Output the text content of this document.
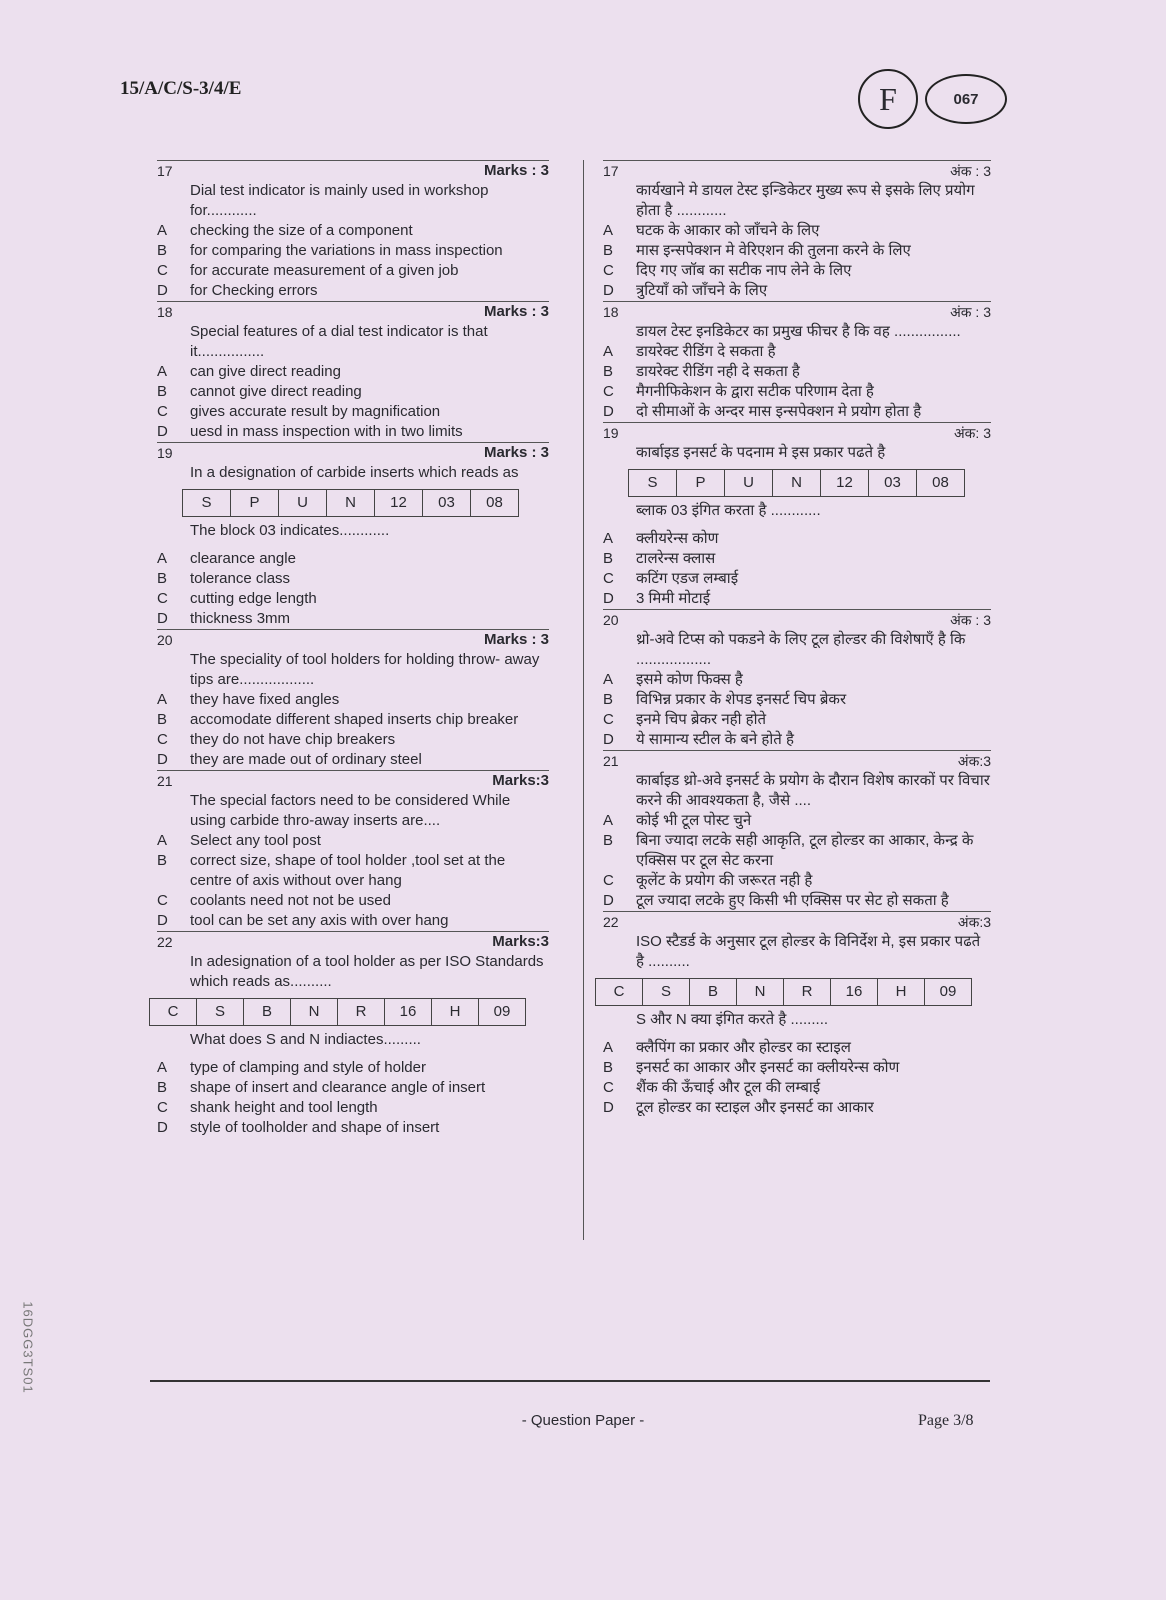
15/A/C/S-3/4/E	F	067
17	Marks : 3
Dial test indicator is mainly used in workshop for............
A	checking the size of a component
B	for comparing the variations in mass inspection
C	for accurate measurement of a given job
D	for Checking errors
18	Marks : 3
Special features of a dial test indicator is that it................
A	can give direct reading
B	cannot give direct reading
C	gives accurate result by magnification
D	uesd in mass inspection with in two limits
19	Marks : 3
In a designation of carbide inserts which reads as
S	P	U	N	12	03	08
The block 03 indicates............
A	clearance angle
B	tolerance class
C	cutting edge length
D	thickness 3mm
20	Marks : 3
The speciality of tool holders for holding throw- away tips are..................
A	they have fixed angles
B	accomodate different shaped inserts chip breaker
C	they do not have chip breakers
D	they are made out of ordinary steel
21	Marks:3
The special factors need to be considered While using carbide thro-away inserts are....
A	Select any tool post
B	correct size, shape of tool holder ,tool set at the centre of axis without over hang
C	coolants need not not be used
D	tool can be set any axis with over hang
22	Marks:3
In adesignation of a tool holder as per ISO Standards which reads as..........
C	S	B	N	R	16	H	09
What does S and N indiactes.........
A	type of clamping and style of holder
B	shape of insert and clearance angle of insert
C	shank height and tool length
D	style of toolholder and shape of insert
17	अंक : 3
कार्यखाने मे डायल टेस्ट इन्डिकेटर मुख्य रूप से इसके लिए प्रयोग होता है ............
A	घटक के आकार को जाँचने के लिए
B	मास इन्सपेक्शन मे वेरिएशन की तुलना करने के लिए
C	दिए गए जॉब का सटीक नाप लेने के लिए
D	त्रुटियाँ को जाँचने के लिए
18	अंक : 3
डायल टेस्ट इनडिकेटर का प्रमुख फीचर है कि वह ................
A	डायरेक्ट रीडिंग दे सकता है
B	डायरेक्ट रीडिंग नही दे सकता है
C	मैगनीफिकेशन के द्वारा सटीक परिणाम देता है
D	दो सीमाओं के अन्दर मास इन्सपेक्शन मे प्रयोग होता है
19	अंक: 3
कार्बाइड इनसर्ट के पदनाम मे इस प्रकार पढते है
S	P	U	N	12	03	08
ब्लाक 03 इंगित करता है ............
A	क्लीयरेन्स कोण
B	टालरेन्स क्लास
C	कटिंग एडज लम्बाई
D	3 मिमी मोटाई
20	अंक : 3
थ्रो-अवे टिप्स को पकडने के लिए टूल होल्डर की विशेषाएँ है कि ..................
A	इसमे कोण फिक्स है
B	विभिन्न प्रकार के शेपड इनसर्ट चिप ब्रेकर
C	इनमे चिप ब्रेकर नही होते
D	ये सामान्य स्टील के बने होते है
21	अंक:3
कार्बाइड थ्रो-अवे इनसर्ट के प्रयोग के दौरान विशेष कारकों पर विचार करने की आवश्यकता है, जैसे ....
A	कोई भी टूल पोस्ट चुने
B	बिना ज्यादा लटके सही आकृति, टूल होल्डर का आकार, केन्द्र के एक्सिस पर टूल सेट करना
C	कूलेंट के प्रयोग की जरूरत नही है
D	टूल ज्यादा लटके हुए किसी भी एक्सिस पर सेट हो सकता है
22	अंक:3
ISO स्टैडर्ड के अनुसार टूल होल्डर के विनिर्देश मे, इस प्रकार पढते है ..........
C	S	B	N	R	16	H	09
S और N क्या इंगित करते है .........
A	क्लैपिंग का प्रकार और होल्डर का स्टाइल
B	इनसर्ट का आकार और इनसर्ट का क्लीयरेन्स कोण
C	शैंक की ऊँचाई और टूल की लम्बाई
D	टूल होल्डर का स्टाइल और इनसर्ट का आकार
- Question Paper -	Page 3/8
16DGG3TS01
